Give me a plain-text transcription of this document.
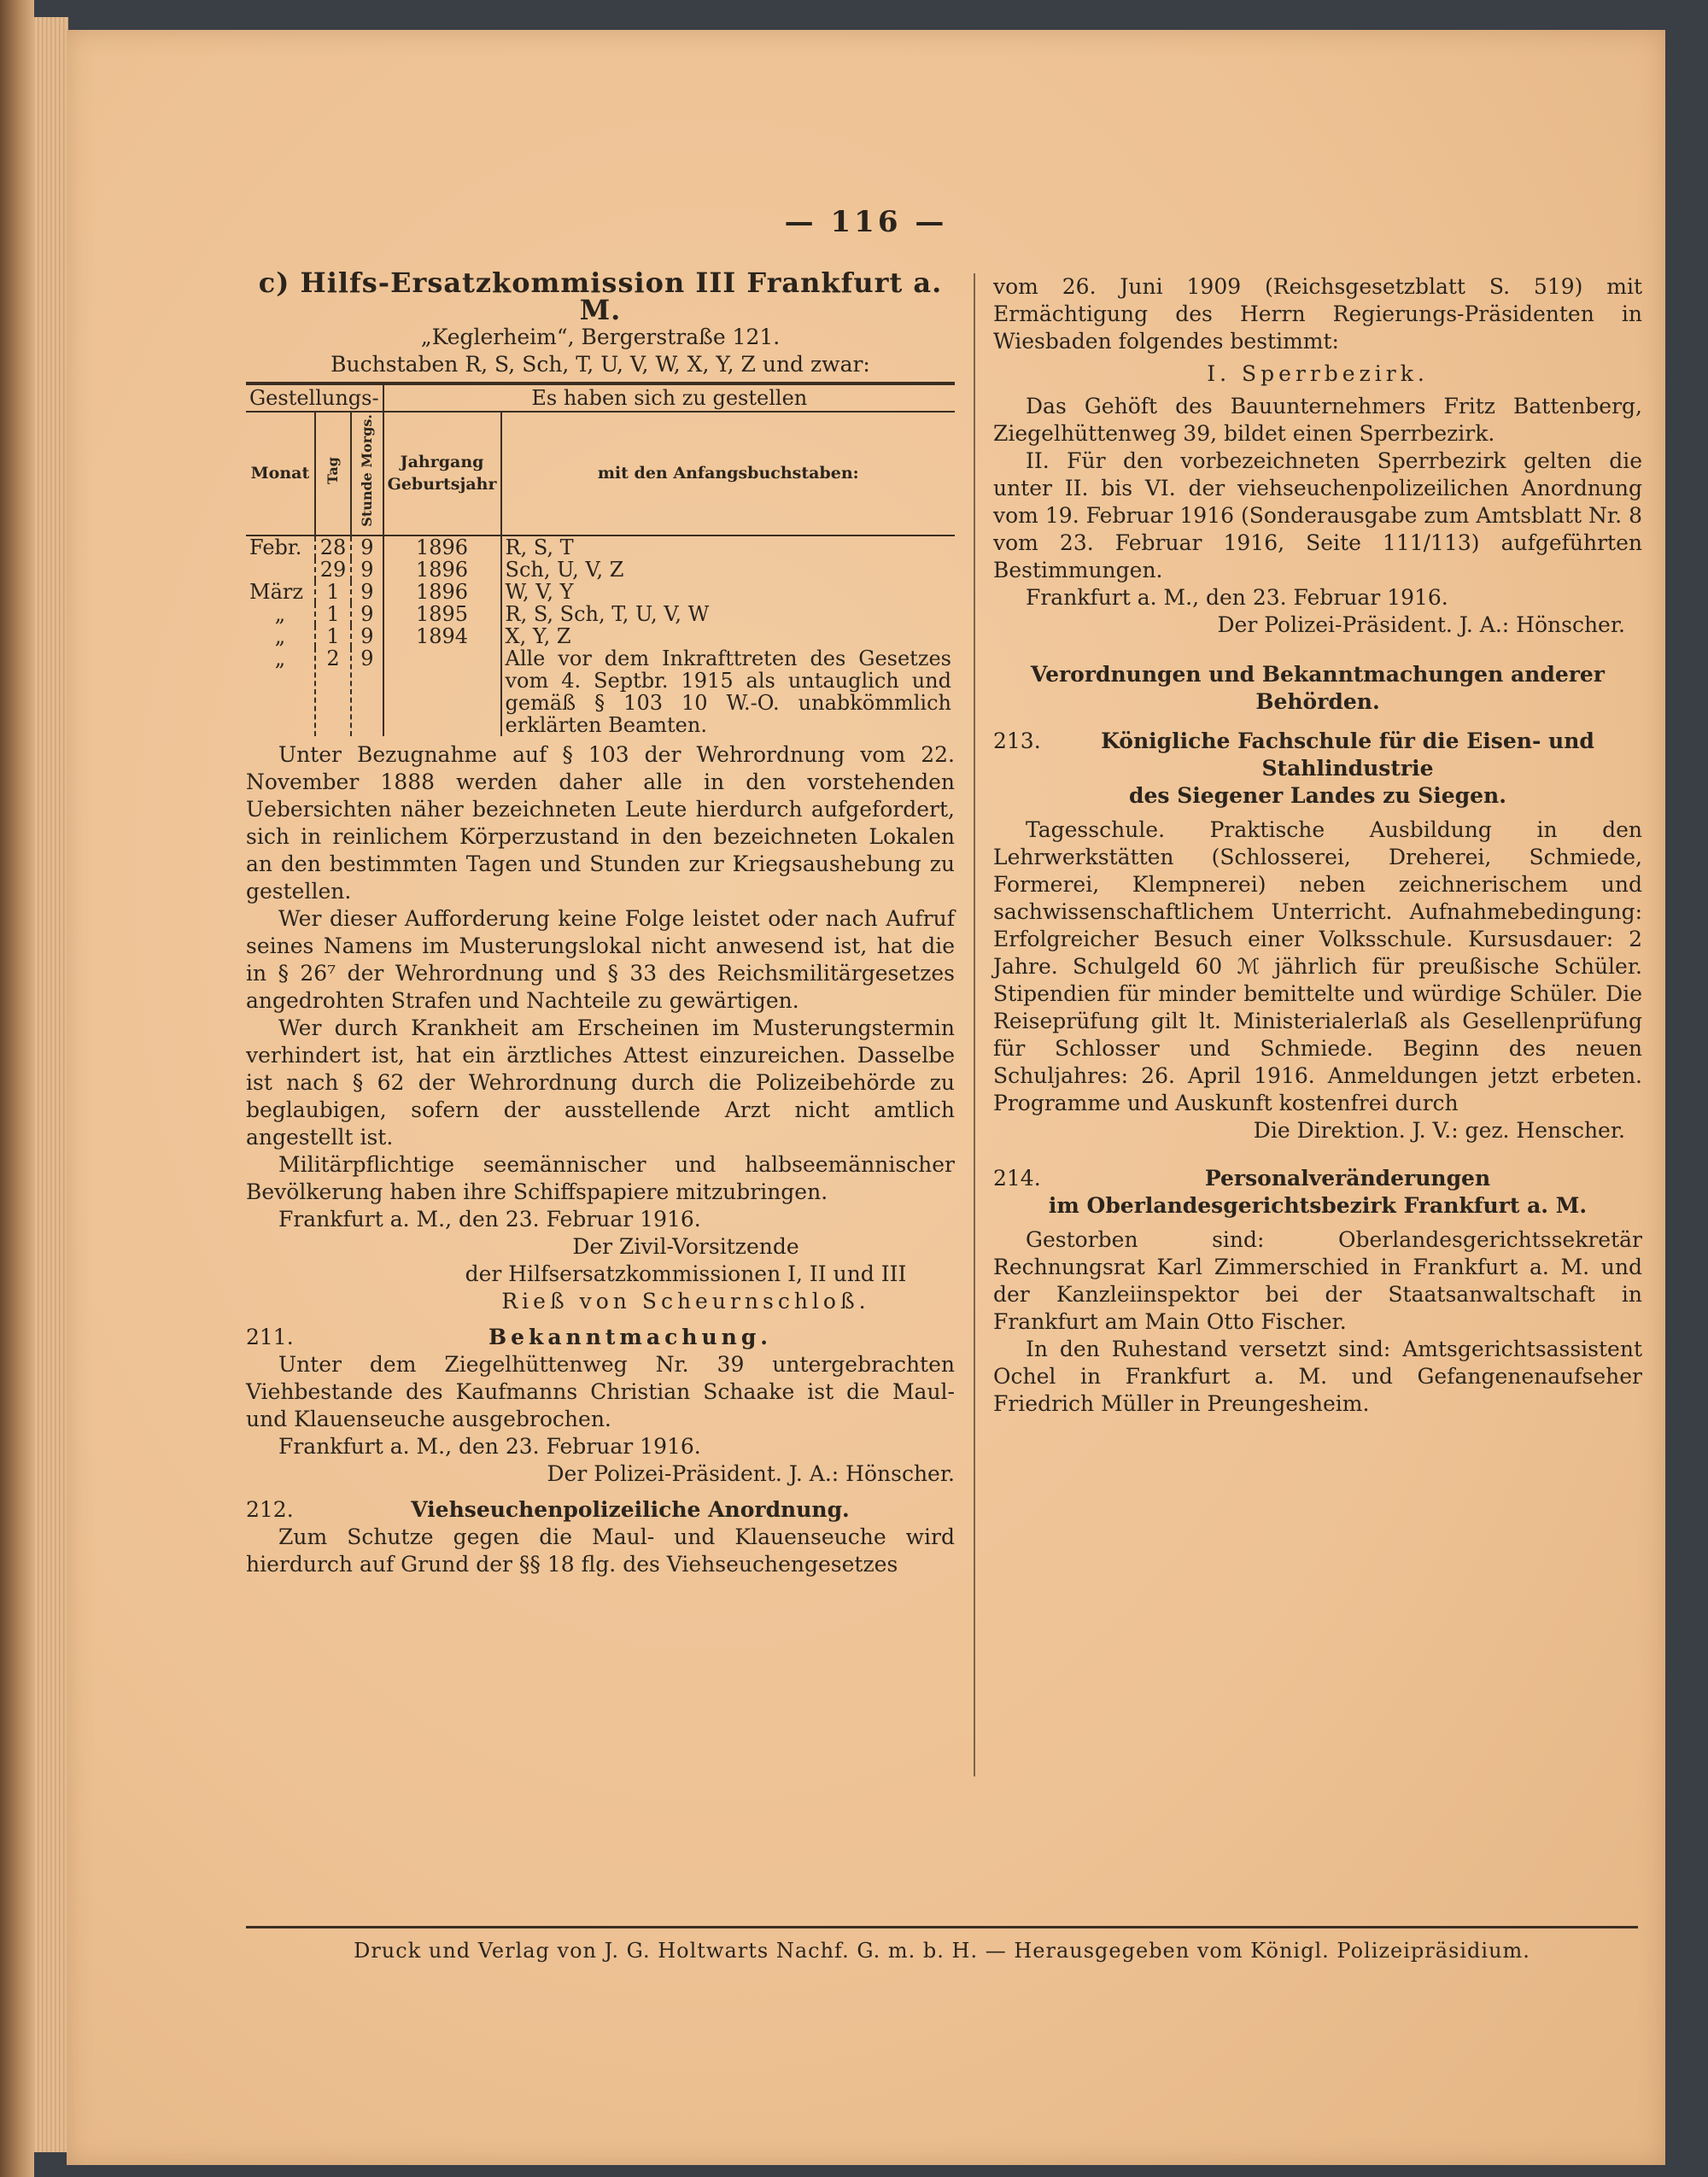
— 116 —
c) Hilfs-Ersatzkommission III Frankfurt a. M.
„Keglerheim“, Bergerstraße 121.
Buchstaben R, S, Sch, T, U, V, W, X, Y, Z und zwar:
Gestellungs-			Es haben sich zu gestellen	
Monat	Tag	Stunde Morgs.	Jahrgang Geburtsjahr	mit den Anfangsbuchstaben:
Febr.	28	9	1896	R, S, T
	29	9	1896	Sch, U, V, Z
März	1	9	1896	W, V, Y
„	1	9	1895	R, S, Sch, T, U, V, W
„	1	9	1894	X, Y, Z
„	2	9		Alle vor dem Inkrafttreten des Gesetzes vom 4. Septbr. 1915 als untauglich und gemäß § 103 10 W.-O. unabkömmlich erklärten Beamten.
Unter Bezugnahme auf § 103 der Wehrordnung vom 22. November 1888 werden daher alle in den vorstehenden Uebersichten näher bezeichneten Leute hierdurch aufgefordert, sich in reinlichem Körperzustand in den bezeichneten Lokalen an den bestimmten Tagen und Stunden zur Kriegsaushebung zu gestellen.
Wer dieser Aufforderung keine Folge leistet oder nach Aufruf seines Namens im Musterungslokal nicht anwesend ist, hat die in § 26⁷ der Wehrordnung und § 33 des Reichsmilitärgesetzes angedrohten Strafen und Nachteile zu gewärtigen.
Wer durch Krankheit am Erscheinen im Musterungstermin verhindert ist, hat ein ärztliches Attest einzureichen. Dasselbe ist nach § 62 der Wehrordnung durch die Polizeibehörde zu beglaubigen, sofern der ausstellende Arzt nicht amtlich angestellt ist.
Militärpflichtige seemännischer und halbseemännischer Bevölkerung haben ihre Schiffspapiere mitzubringen.
Frankfurt a. M., den 23. Februar 1916.
Der Zivil-Vorsitzende
der Hilfsersatzkommissionen I, II und III
Rieß von Scheurnschloß.
211.	Bekanntmachung.
Unter dem Ziegelhüttenweg Nr. 39 untergebrachten Viehbestande des Kaufmanns Christian Schaake ist die Maul- und Klauenseuche ausgebrochen.
Frankfurt a. M., den 23. Februar 1916.
Der Polizei-Präsident. J. A.: Hönscher.
212.	Viehseuchenpolizeiliche Anordnung.
Zum Schutze gegen die Maul- und Klauenseuche wird hierdurch auf Grund der §§ 18 flg. des Viehseuchengesetzes
vom 26. Juni 1909 (Reichsgesetzblatt S. 519) mit Ermächtigung des Herrn Regierungs-Präsidenten in Wiesbaden folgendes bestimmt:
I. Sperrbezirk.
Das Gehöft des Bauunternehmers Fritz Battenberg, Ziegelhüttenweg 39, bildet einen Sperrbezirk.
II. Für den vorbezeichneten Sperrbezirk gelten die unter II. bis VI. der viehseuchenpolizeilichen Anordnung vom 19. Februar 1916 (Sonderausgabe zum Amtsblatt Nr. 8 vom 23. Februar 1916, Seite 111/113) aufgeführten Bestimmungen.
Frankfurt a. M., den 23. Februar 1916.
Der Polizei-Präsident. J. A.: Hönscher.
Verordnungen und Bekanntmachungen anderer Behörden.
213.	Königliche Fachschule für die Eisen- und Stahlindustrie
des Siegener Landes zu Siegen.
Tagesschule. Praktische Ausbildung in den Lehrwerkstätten (Schlosserei, Dreherei, Schmiede, Formerei, Klempnerei) neben zeichnerischem und sachwissenschaftlichem Unterricht. Aufnahmebedingung: Erfolgreicher Besuch einer Volksschule. Kursusdauer: 2 Jahre. Schulgeld 60 ℳ jährlich für preußische Schüler. Stipendien für minder bemittelte und würdige Schüler. Die Reiseprüfung gilt lt. Ministerialerlaß als Gesellenprüfung für Schlosser und Schmiede. Beginn des neuen Schuljahres: 26. April 1916. Anmeldungen jetzt erbeten. Programme und Auskunft kostenfrei durch
Die Direktion. J. V.: gez. Henscher.
214.	Personalveränderungen
im Oberlandesgerichtsbezirk Frankfurt a. M.
Gestorben sind: Oberlandesgerichtssekretär Rechnungsrat Karl Zimmerschied in Frankfurt a. M. und der Kanzleiinspektor bei der Staatsanwaltschaft in Frankfurt am Main Otto Fischer.
In den Ruhestand versetzt sind: Amtsgerichtsassistent Ochel in Frankfurt a. M. und Gefangenenaufseher Friedrich Müller in Preungesheim.
Druck und Verlag von J. G. Holtwarts Nachf. G. m. b. H. — Herausgegeben vom Königl. Polizeipräsidium.
